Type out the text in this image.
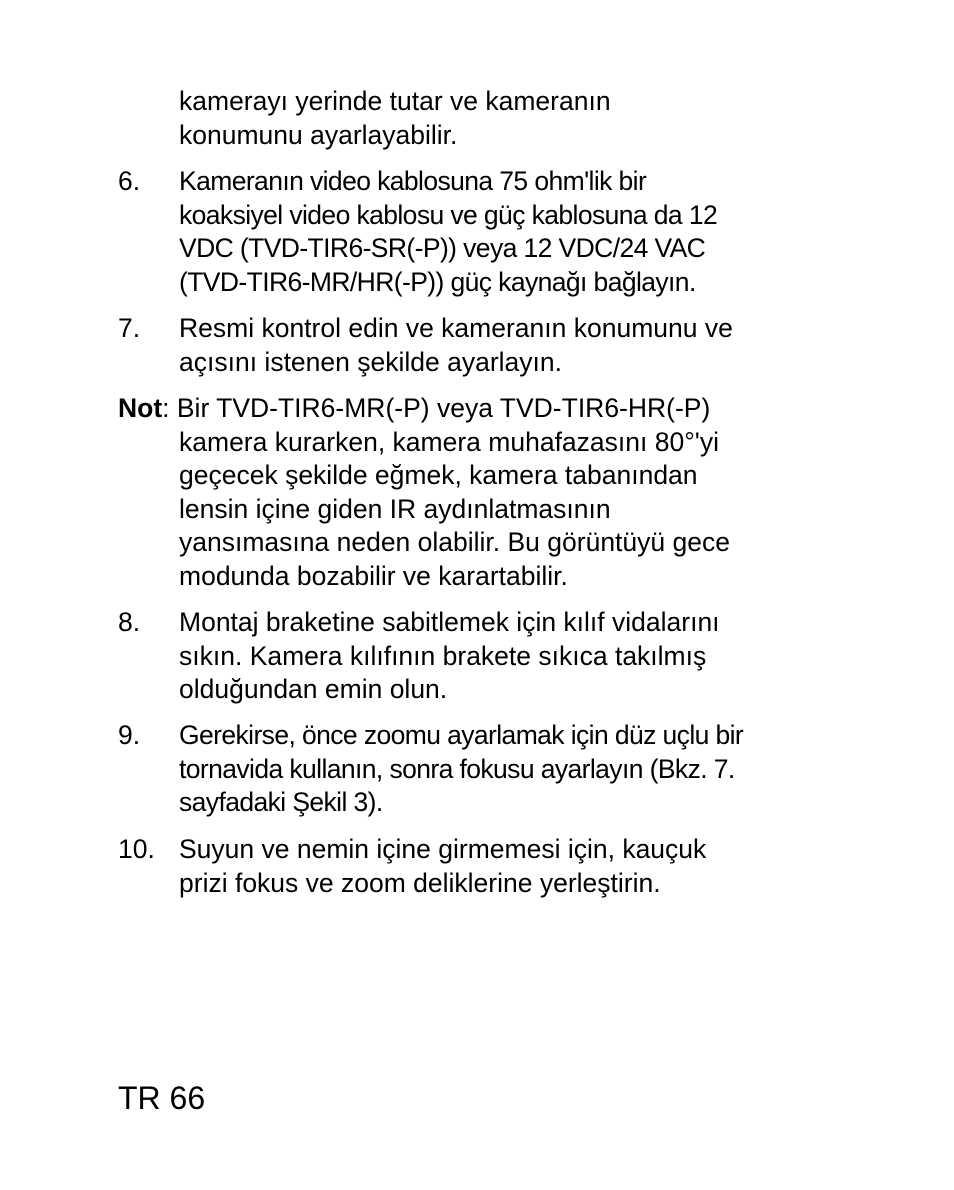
kamerayı yerinde tutar ve kameranın
konumunu ayarlayabilir.
6. Kameranın video kablosuna 75 ohm'lik bir
koaksiyel video kablosu ve güç kablosuna da 12
VDC (TVD-TIR6-SR(-P)) veya 12 VDC/24 VAC
(TVD-TIR6-MR/HR(-P)) güç kaynağı bağlayın.
7. Resmi kontrol edin ve kameranın konumunu ve
açısını istenen şekilde ayarlayın.
Not: Bir TVD-TIR6-MR(-P) veya TVD-TIR6-HR(-P)
kamera kurarken, kamera muhafazasını 80°'yi
geçecek şekilde eğmek, kamera tabanından
lensin içine giden IR aydınlatmasının
yansımasına neden olabilir. Bu görüntüyü gece
modunda bozabilir ve karartabilir.
8. Montaj braketine sabitlemek için kılıf vidalarını
sıkın. Kamera kılıfının brakete sıkıca takılmış
olduğundan emin olun.
9. Gerekirse, önce zoomu ayarlamak için düz uçlu bir
tornavida kullanın, sonra fokusu ayarlayın (Bkz. 7.
sayfadaki Şekil 3).
10. Suyun ve nemin içine girmemesi için, kauçuk
prizi fokus ve zoom deliklerine yerleştirin.
TR 66
